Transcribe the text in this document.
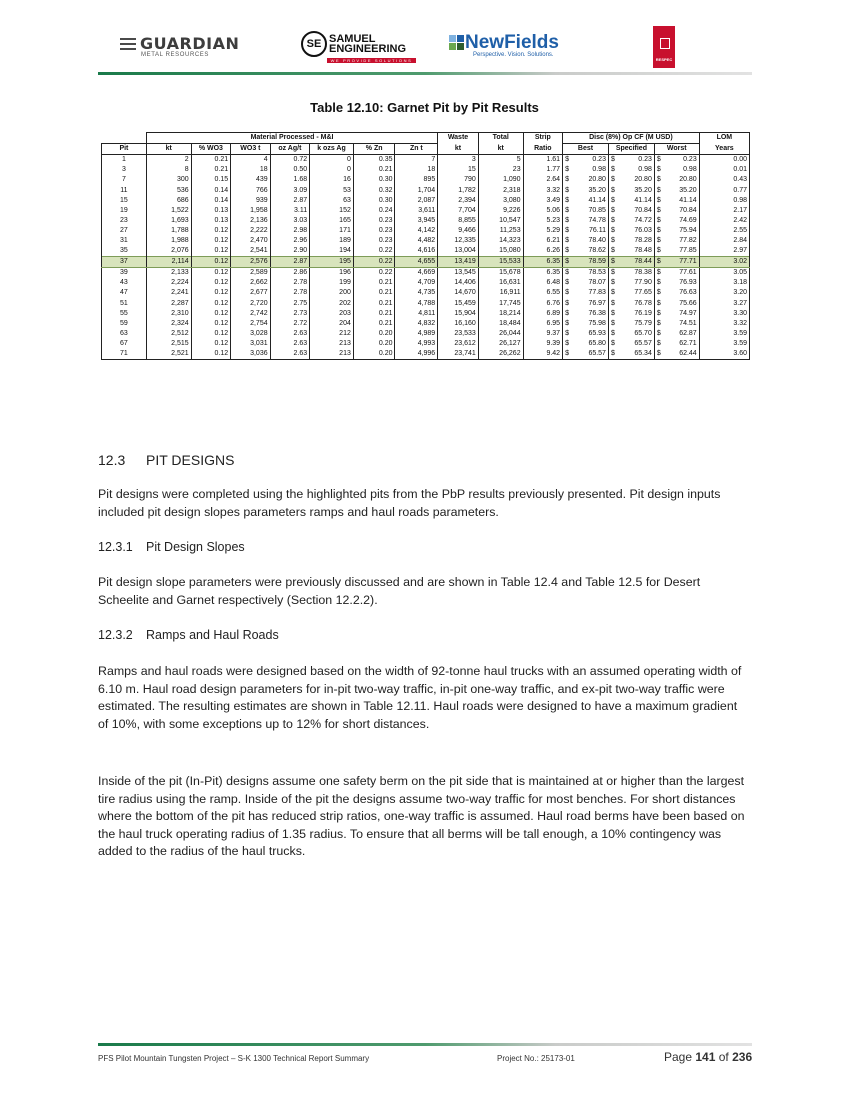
GUARDIAN
METAL RESOURCES
SE SAMUEL
ENGINEERING
WE PROVIDE SOLUTIONS
NewFields
Perspective. Vision. Solutions.
RESPEC
Table 12.10: Garnet Pit by Pit Results
	Material Processed - M&I							Waste	Total	Strip	Disc (8%) Op CF (M USD)			LOM
Pit	kt	% WO3	WO3 t	oz Ag/t	k ozs Ag	% Zn	Zn t	kt	kt	Ratio	Best	Specified	Worst	Years
1	2	0.21	4	0.72	0	0.35	7	3	5	1.61	$ 0.23	$ 0.23	$ 0.23	0.00
3	8	0.21	18	0.50	0	0.21	18	15	23	1.77	$ 0.98	$ 0.98	$ 0.98	0.01
7	300	0.15	439	1.68	16	0.30	895	790	1,090	2.64	$ 20.80	$ 20.80	$ 20.80	0.43
11	536	0.14	766	3.09	53	0.32	1,704	1,782	2,318	3.32	$ 35.20	$ 35.20	$ 35.20	0.77
15	686	0.14	939	2.87	63	0.30	2,087	2,394	3,080	3.49	$ 41.14	$ 41.14	$ 41.14	0.98
19	1,522	0.13	1,958	3.11	152	0.24	3,611	7,704	9,226	5.06	$ 70.85	$ 70.84	$ 70.84	2.17
23	1,693	0.13	2,136	3.03	165	0.23	3,945	8,855	10,547	5.23	$ 74.78	$ 74.72	$ 74.69	2.42
27	1,788	0.12	2,222	2.98	171	0.23	4,142	9,466	11,253	5.29	$ 76.11	$ 76.03	$ 75.94	2.55
31	1,988	0.12	2,470	2.96	189	0.23	4,482	12,335	14,323	6.21	$ 78.40	$ 78.28	$ 77.82	2.84
35	2,076	0.12	2,541	2.90	194	0.22	4,616	13,004	15,080	6.26	$ 78.62	$ 78.48	$ 77.85	2.97
37	2,114	0.12	2,576	2.87	195	0.22	4,655	13,419	15,533	6.35	$ 78.59	$ 78.44	$ 77.71	3.02
39	2,133	0.12	2,589	2.86	196	0.22	4,669	13,545	15,678	6.35	$ 78.53	$ 78.38	$ 77.61	3.05
43	2,224	0.12	2,662	2.78	199	0.21	4,709	14,406	16,631	6.48	$ 78.07	$ 77.90	$ 76.93	3.18
47	2,241	0.12	2,677	2.78	200	0.21	4,735	14,670	16,911	6.55	$ 77.83	$ 77.65	$ 76.63	3.20
51	2,287	0.12	2,720	2.75	202	0.21	4,788	15,459	17,745	6.76	$ 76.97	$ 76.78	$ 75.66	3.27
55	2,310	0.12	2,742	2.73	203	0.21	4,811	15,904	18,214	6.89	$ 76.38	$ 76.19	$ 74.97	3.30
59	2,324	0.12	2,754	2.72	204	0.21	4,832	16,160	18,484	6.95	$ 75.98	$ 75.79	$ 74.51	3.32
63	2,512	0.12	3,028	2.63	212	0.20	4,989	23,533	26,044	9.37	$ 65.93	$ 65.70	$ 62.87	3.59
67	2,515	0.12	3,031	2.63	213	0.20	4,993	23,612	26,127	9.39	$ 65.80	$ 65.57	$ 62.71	3.59
71	2,521	0.12	3,036	2.63	213	0.20	4,996	23,741	26,262	9.42	$ 65.57	$ 65.34	$ 62.44	3.60
12.3 PIT DESIGNS

Pit designs were completed using the highlighted pits from the PbP results previously presented. Pit design inputs included pit design slopes parameters ramps and haul roads parameters.

12.3.1 Pit Design Slopes

Pit design slope parameters were previously discussed and are shown in Table 12.4 and Table 12.5 for Desert Scheelite and Garnet respectively (Section 12.2.2).

12.3.2 Ramps and Haul Roads

Ramps and haul roads were designed based on the width of 92-tonne haul trucks with an assumed operating width of 6.10 m. Haul road design parameters for in-pit two-way traffic, in-pit one-way traffic, and ex-pit two-way traffic were estimated. The resulting estimates are shown in Table 12.11. Haul roads were designed to have a maximum gradient of 10%, with some exceptions up to 12% for short distances.

Inside of the pit (In-Pit) designs assume one safety berm on the pit side that is maintained at or higher than the largest tire radius using the ramp. Inside of the pit the designs assume two-way traffic for most benches. For short distances where the bottom of the pit has reduced strip ratios, one-way traffic is assumed. Haul road berms have been based on the haul truck operating radius of 1.35 radius. To ensure that all berms will be tall enough, a 10% contingency was added to the radius of the haul trucks.

PFS Pilot Mountain Tungsten Project – S-K 1300 Technical Report Summary	Project No.: 25173-01	Page 141 of 236
